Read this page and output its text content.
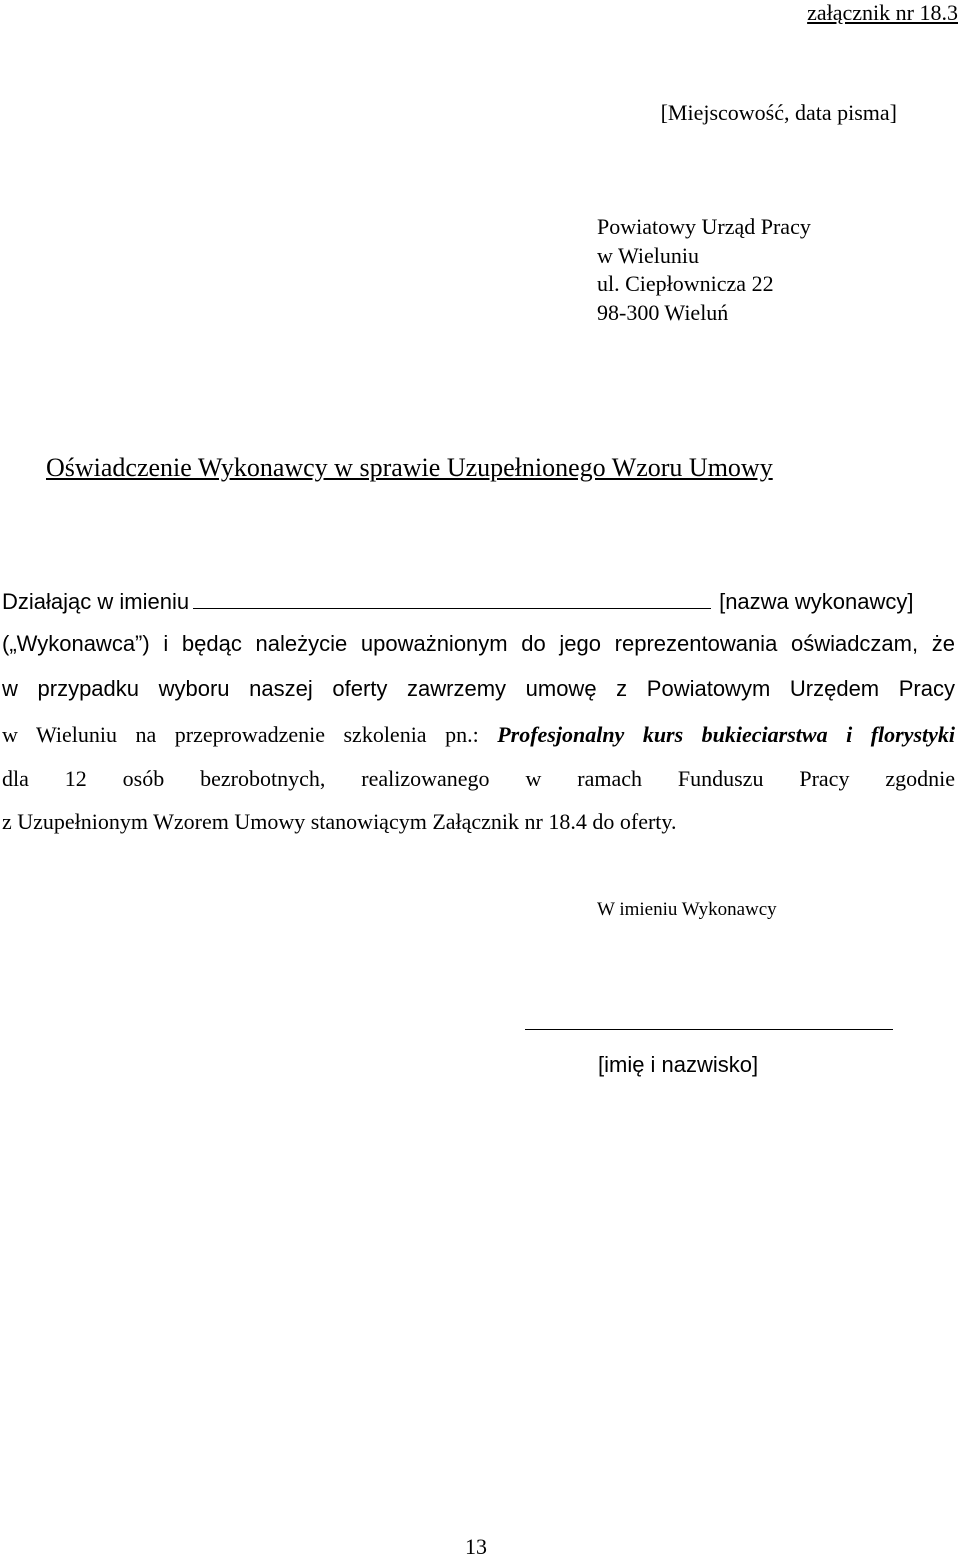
załącznik nr 18.3
[Miejscowość, data pisma]
Powiatowy Urząd Pracy
w Wieluniu
ul. Ciepłownicza 22
98-300 Wieluń
Oświadczenie Wykonawcy w sprawie Uzupełnionego Wzoru Umowy
Działając w imieniu	[nazwa wykonawcy]
(„Wykonawca”) i będąc należycie upoważnionym do jego reprezentowania oświadczam, że
w przypadku wyboru naszej oferty zawrzemy umowę z Powiatowym Urzędem Pracy
w Wieluniu na przeprowadzenie szkolenia pn.: Profesjonalny kurs bukieciarstwa i florystyki
dla 12 osób bezrobotnych, realizowanego w ramach Funduszu Pracy zgodnie
z Uzupełnionym Wzorem Umowy stanowiącym Załącznik nr 18.4 do oferty.
W imieniu Wykonawcy
[imię i nazwisko]
13
